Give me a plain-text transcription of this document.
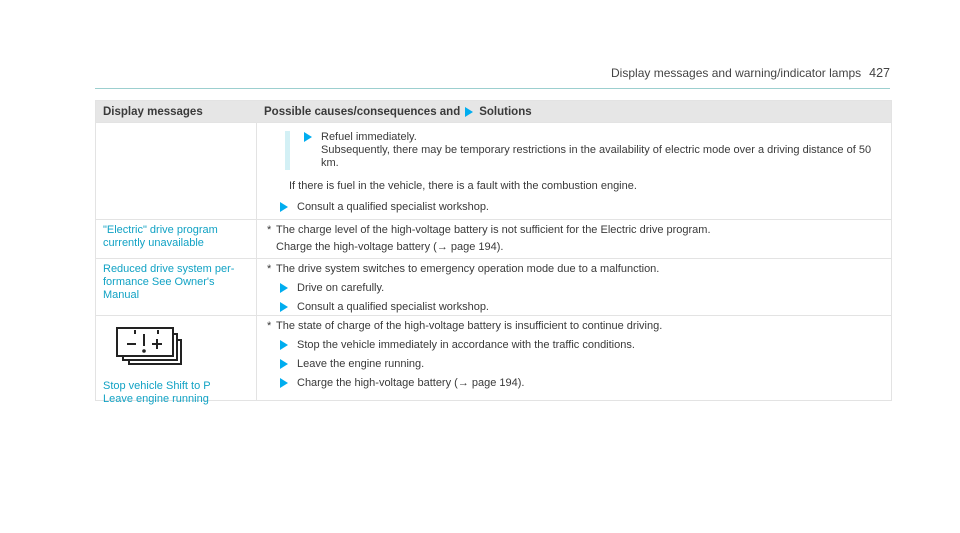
Display messages and warning/indicator lamps 427
Display messages	Possible causes/consequences and Solutions
Refuel immediately.
Subsequently, there may be temporary restrictions in the availability of electric mode over a driving distance of 50 km.
If there is fuel in the vehicle, there is a fault with the combustion engine.
Consult a qualified specialist workshop.
"Electric" drive program currently unavailable
* The charge level of the high-voltage battery is not sufficient for the Electric drive program.
Charge the high-voltage battery (→ page 194).
Reduced drive system per-formance See Owner's Manual
* The drive system switches to emergency operation mode due to a malfunction.
Drive on carefully.
Consult a qualified specialist workshop.
Stop vehicle Shift to P
Leave engine running
* The state of charge of the high-voltage battery is insufficient to continue driving.
Stop the vehicle immediately in accordance with the traffic conditions.
Leave the engine running.
Charge the high-voltage battery (→ page 194).
